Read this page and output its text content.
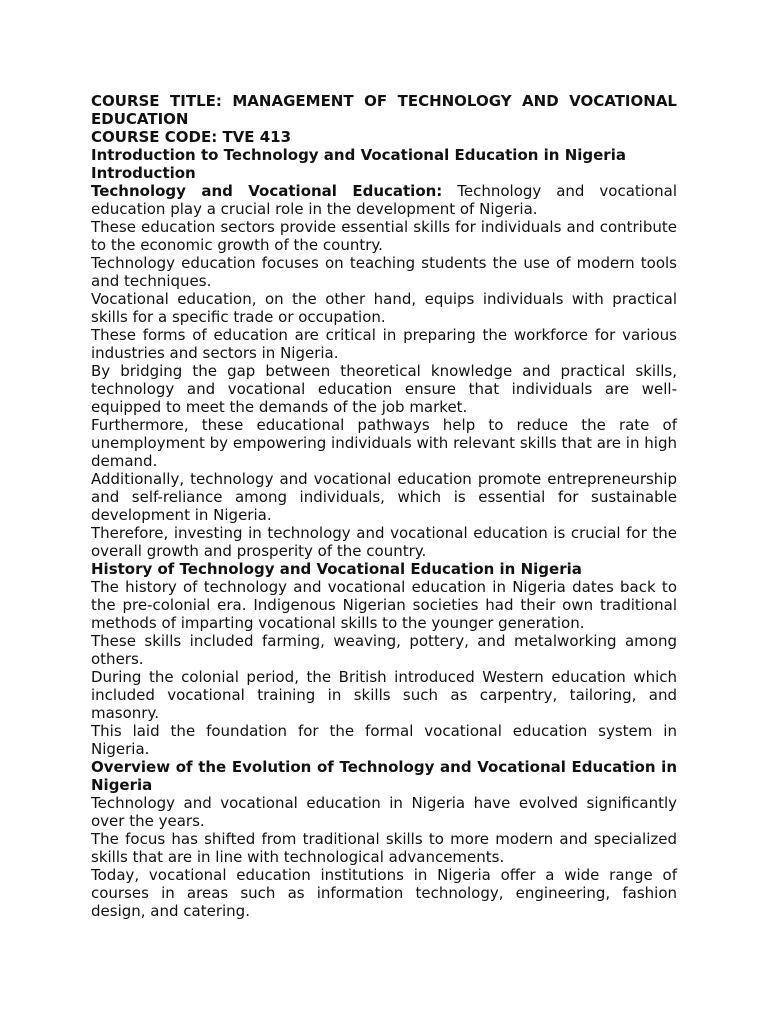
COURSE TITLE: MANAGEMENT OF TECHNOLOGY AND VOCATIONAL EDUCATION

COURSE CODE: TVE 413

Introduction to Technology and Vocational Education in Nigeria

Introduction

Technology and Vocational Education: Technology and vocational education play a crucial role in the development of Nigeria.

These education sectors provide essential skills for individuals and contribute to the economic growth of the country.

Technology education focuses on teaching students the use of modern tools and techniques.

Vocational education, on the other hand, equips individuals with practical skills for a specific trade or occupation.

These forms of education are critical in preparing the workforce for various industries and sectors in Nigeria.

By bridging the gap between theoretical knowledge and practical skills, technology and vocational education ensure that individuals are well-equipped to meet the demands of the job market.

Furthermore, these educational pathways help to reduce the rate of unemployment by empowering individuals with relevant skills that are in high demand.

Additionally, technology and vocational education promote entrepreneurship and self-reliance among individuals, which is essential for sustainable development in Nigeria.

Therefore, investing in technology and vocational education is crucial for the overall growth and prosperity of the country.

History of Technology and Vocational Education in Nigeria

The history of technology and vocational education in Nigeria dates back to the pre-colonial era. Indigenous Nigerian societies had their own traditional methods of imparting vocational skills to the younger generation.

These skills included farming, weaving, pottery, and metalworking among others.

During the colonial period, the British introduced Western education which included vocational training in skills such as carpentry, tailoring, and masonry.

This laid the foundation for the formal vocational education system in Nigeria.

Overview of the Evolution of Technology and Vocational Education in Nigeria

Technology and vocational education in Nigeria have evolved significantly over the years.

The focus has shifted from traditional skills to more modern and specialized skills that are in line with technological advancements.

Today, vocational education institutions in Nigeria offer a wide range of courses in areas such as information technology, engineering, fashion design, and catering.
